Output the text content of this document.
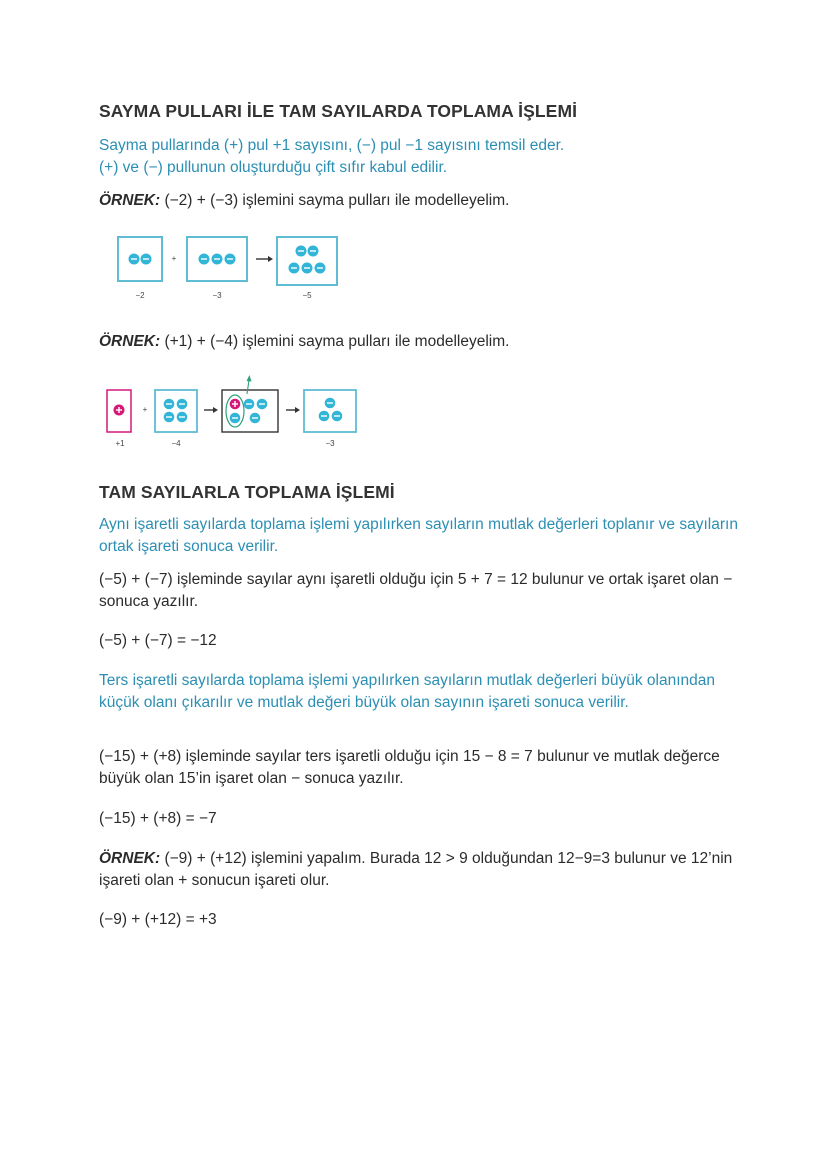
SAYMA PULLARI İLE TAM SAYILARDA TOPLAMA İŞLEMİ

Sayma pullarında (+) pul +1 sayısını, (−) pul −1 sayısını temsil eder.

(+) ve (−) pullunun oluşturduğu çift sıfır kabul edilir.

ÖRNEK: (−2) + (−3) işlemini sayma pulları ile modelleyelim.

+
−2	−3	−5

ÖRNEK: (+1) + (−4) işlemini sayma pulları ile modelleyelim.

+
+1	−4	−3
TAM SAYILARLA TOPLAMA İŞLEMİ

Aynı işaretli sayılarda toplama işlemi yapılırken sayıların mutlak değerleri toplanır ve sayıların ortak işareti sonuca verilir.

(−5) + (−7) işleminde sayılar aynı işaretli olduğu için 5 + 7 = 12 bulunur ve ortak işaret olan − sonuca yazılır.

(−5) + (−7) = −12

Ters işaretli sayılarda toplama işlemi yapılırken sayıların mutlak değerleri büyük olanından küçük olanı çıkarılır ve mutlak değeri büyük olan sayının işareti sonuca verilir.

(−15) + (+8) işleminde sayılar ters işaretli olduğu için 15 − 8 = 7 bulunur ve mutlak değerce büyük olan 15’in işaret olan − sonuca yazılır.

(−15) + (+8) = −7

ÖRNEK: (−9) + (+12) işlemini yapalım. Burada 12 > 9 olduğundan 12−9=3 bulunur ve 12’nin işareti olan + sonucun işareti olur.

(−9) + (+12) = +3
